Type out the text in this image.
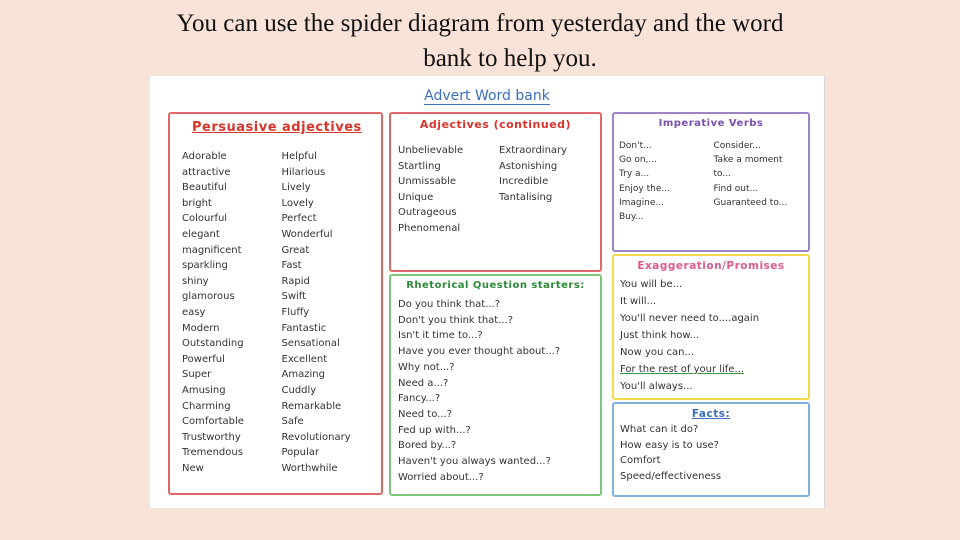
You can use the spider diagram from yesterday and the word
bank to help you.
Advert Word bank
Persuasive adjectives
Adorable
attractive
Beautiful
bright
Colourful
elegant
magnificent
sparkling
shiny
glamorous
easy
Modern
Outstanding
Powerful
Super
Amusing
Charming
Comfortable
Trustworthy
Tremendous
New
Helpful
Hilarious
Lively
Lovely
Perfect
Wonderful
Great
Fast
Rapid
Swift
Fluffy
Fantastic
Sensational
Excellent
Amazing
Cuddly
Remarkable
Safe
Revolutionary
Popular
Worthwhile
Adjectives (continued)
Unbelievable
Startling
Unmissable
Unique
Outrageous
Phenomenal
Extraordinary
Astonishing
Incredible
Tantalising
Rhetorical Question starters:
Do you think that...?
Don't you think that...?
Isn't it time to...?
Have you ever thought about...?
Why not...?
Need a...?
Fancy...?
Need to...?
Fed up with...?
Bored by...?
Haven't you always wanted...?
Worried about...?
Imperative Verbs
Don't...
Go on,...
Try a...
Enjoy the...
Imagine...
Buy...
Consider...
Take a moment
to...
Find out...
Guaranteed to...
Exaggeration/Promises
You will be...
It will...
You'll never need to....again
Just think how...
Now you can...
For the rest of your life...
You'll always...
Facts:
What can it do?
How easy is to use?
Comfort
Speed/effectiveness
